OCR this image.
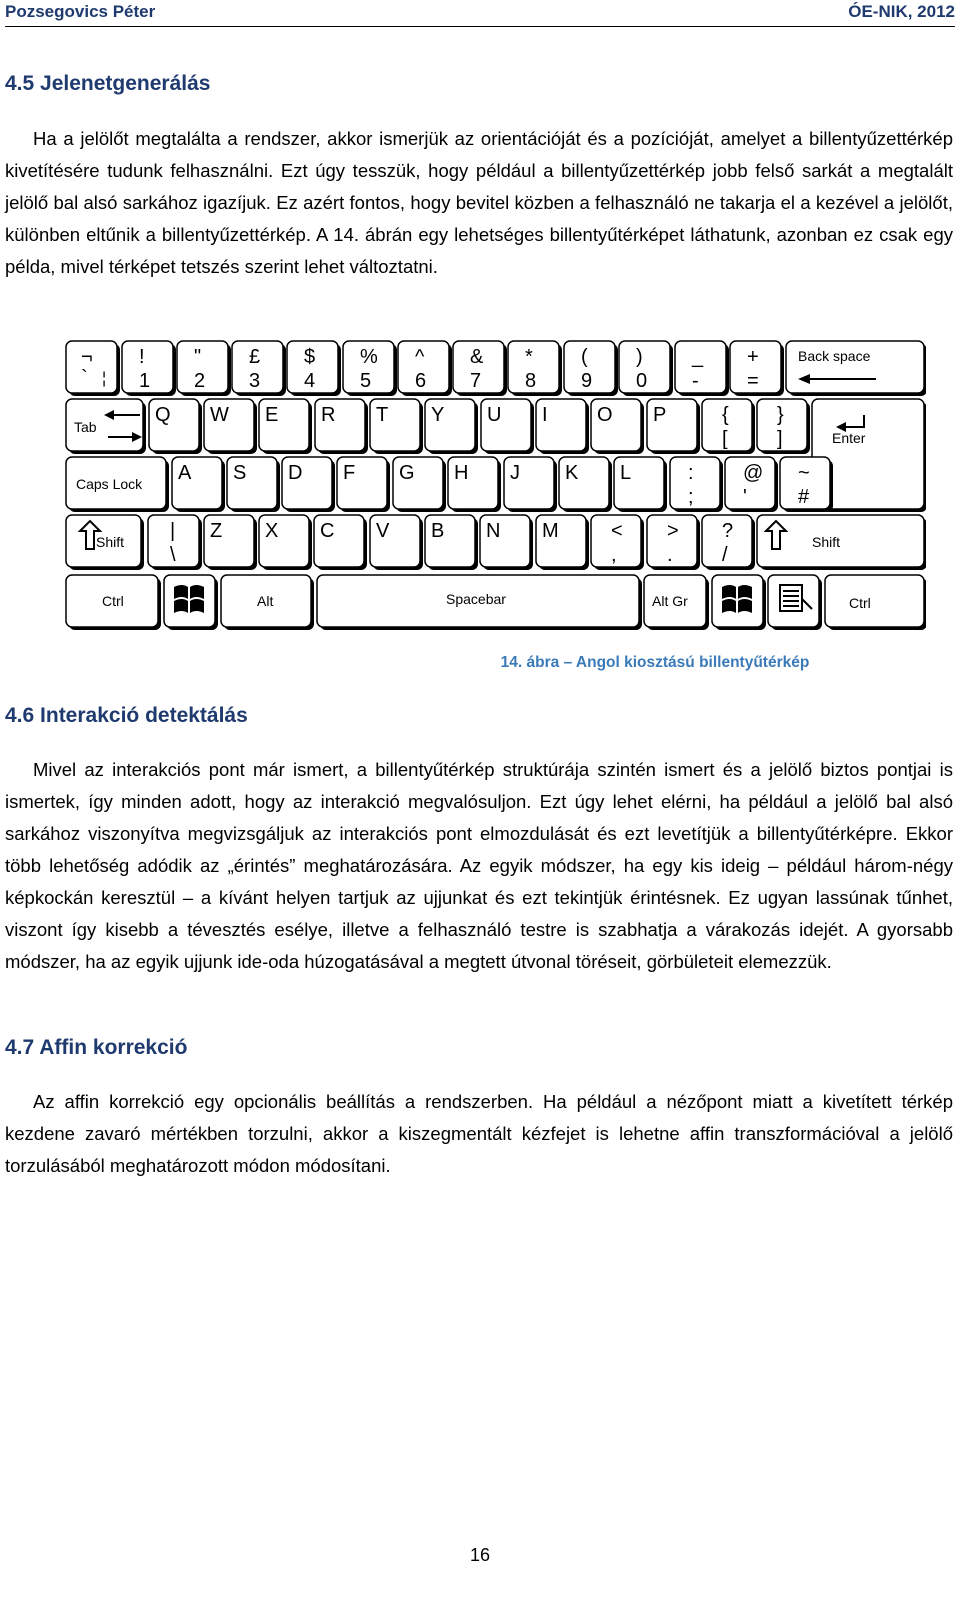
Pozsegovics Péter	ÓE-NIK, 2012
4.5 Jelenetgenerálás

Ha a jelölőt megtalálta a rendszer, akkor ismerjük az orientációját és a pozícióját, amelyet a billentyűzettérkép kivetítésére tudunk felhasználni. Ezt úgy tesszük, hogy például a billentyűzettérkép jobb felső sarkát a megtalált jelölő bal alsó sarkához igazíjuk. Ez azért fontos, hogy bevitel közben a felhasználó ne takarja el a kezével a jelölőt, különben eltűnik a billentyűzettérkép. A 14. ábrán egy lehetséges billentyűtérképet láthatunk, azonban ez csak egy példa, mivel térképet tetszés szerint lehet változtatni.

¬
` ¦
!
1
"
2
£
3
$
4
%
5
^
6
&
7
*
8
(
9
)
0
_
-
+
=
Back space
Tab
Q W E R T Y U I O P	{
[
}
]	Enter
Caps Lock A S D F G H J K L	:
;
@
'
~
#
Shift |
\
Z X C V B N M	<
,
>
.
?
/
Shift
Ctrl	Alt	Spacebar	Alt Gr	Ctrl
14. ábra – Angol kiosztású billentyűtérkép
4.6 Interakció detektálás

Mivel az interakciós pont már ismert, a billentyűtérkép struktúrája szintén ismert és a jelölő biztos pontjai is ismertek, így minden adott, hogy az interakció megvalósuljon. Ezt úgy lehet elérni, ha például a jelölő bal alsó sarkához viszonyítva megvizsgáljuk az interakciós pont elmozdulását és ezt levetítjük a billentyűtérképre. Ekkor több lehetőség adódik az „érintés” meghatározására. Az egyik módszer, ha egy kis ideig – például három-négy képkockán keresztül – a kívánt helyen tartjuk az ujjunkat és ezt tekintjük érintésnek. Ez ugyan lassúnak tűnhet, viszont így kisebb a tévesztés esélye, illetve a felhasználó testre is szabhatja a várakozás idejét. A gyorsabb módszer, ha az egyik ujjunk ide-oda húzogatásával a megtett útvonal töréseit, görbületeit elemezzük.

4.7 Affin korrekció

Az affin korrekció egy opcionális beállítás a rendszerben. Ha például a nézőpont miatt a kivetített térkép kezdene zavaró mértékben torzulni, akkor a kiszegmentált kézfejet is lehetne affin transzformációval a jelölő torzulásából meghatározott módon módosítani.

16
